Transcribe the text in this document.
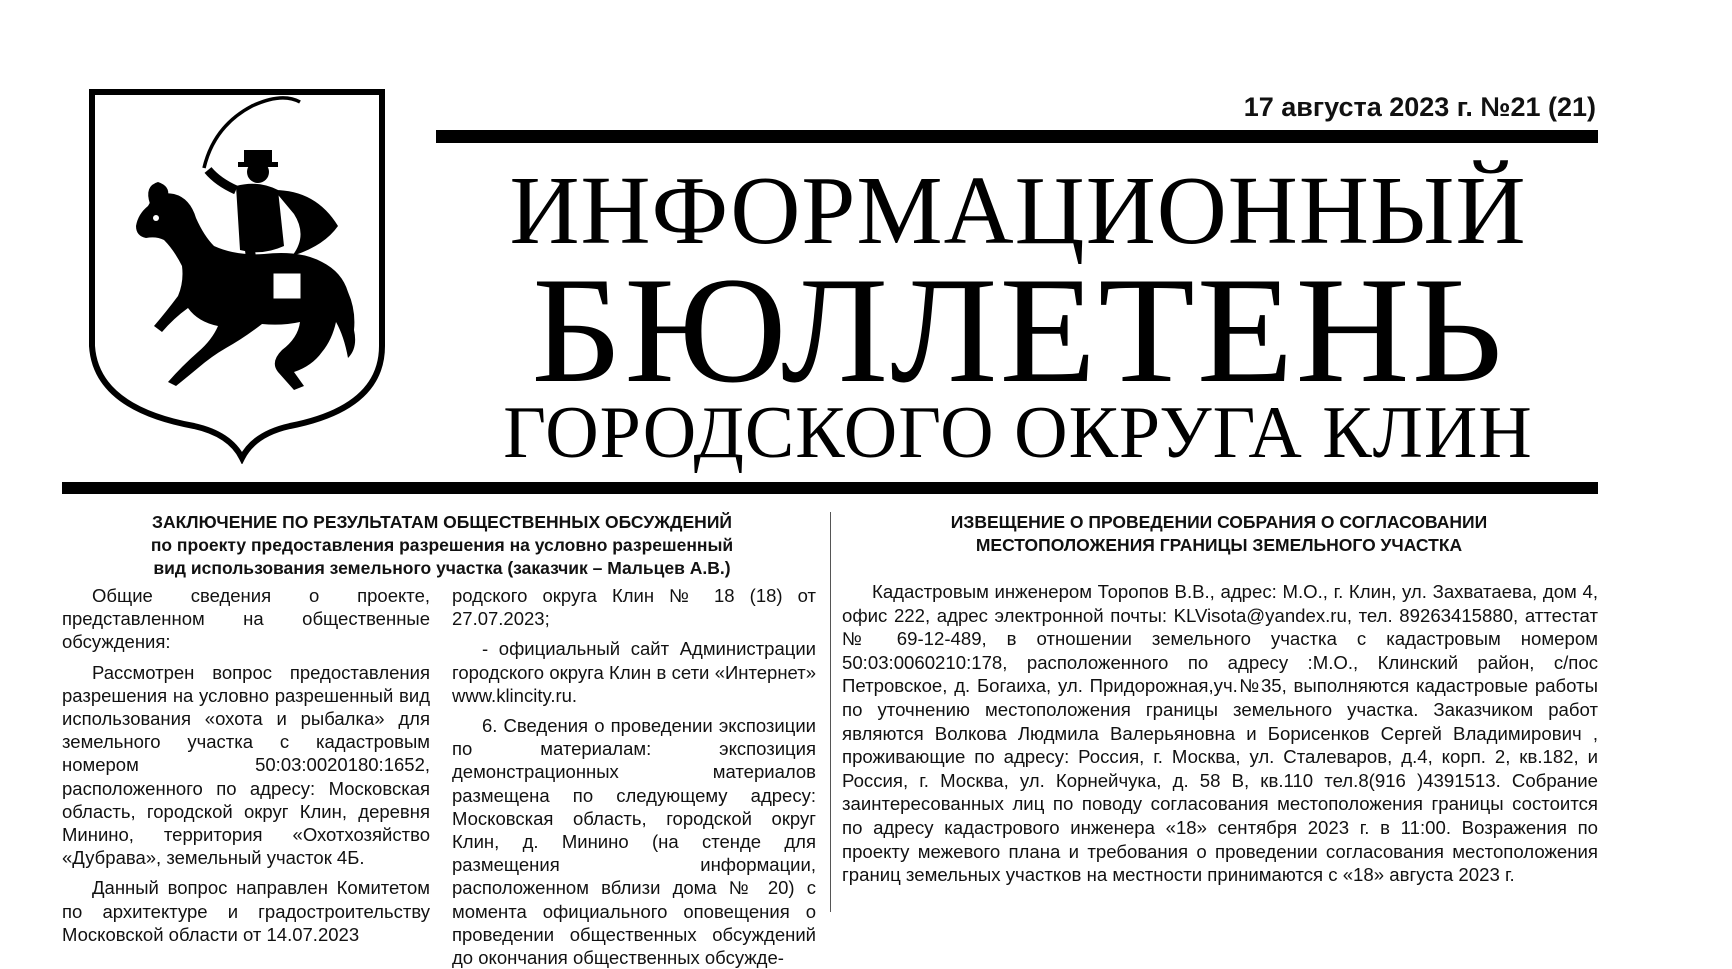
17 августа 2023 г. №21 (21)
ИНФОРМАЦИОННЫЙ
БЮЛЛЕТЕНЬ
ГОРОДСКОГО ОКРУГА КЛИН
ЗАКЛЮЧЕНИЕ ПО РЕЗУЛЬТАТАМ ОБЩЕСТВЕННЫХ ОБСУЖДЕНИЙ
по проекту предоставления разрешения на условно разрешенный
вид использования земельного участка (заказчик – Мальцев А.В.)

Общие сведения о проекте, представленном на общественные обсуждения:

Рассмотрен вопрос предоставления разрешения на условно разрешенный вид использования «охота и рыбалка» для земельного участка с кадастровым номером 50:03:0020180:1652, расположенного по адресу: Московская область, городской округ Клин, деревня Минино, территория «Охотхозяйство «Дубрава», земельный участок 4Б.

Данный вопрос направлен Комитетом по архитектуре и градостроительству Московской области от 14.07.2023

родского округа Клин № 18 (18) от 27.07.2023;

- официальный сайт Администрации городского округа Клин в сети «Интернет» www.klincity.ru.

6. Сведения о проведении экспозиции по материалам: экспозиция демонстрационных материалов размещена по следующему адресу: Московская область, городской округ Клин, д. Минино (на стенде для размещения информации, расположенном вблизи дома № 20) с момента официального оповещения о проведении общественных обсуждений до окончания общественных обсужде-

ИЗВЕЩЕНИЕ О ПРОВЕДЕНИИ СОБРАНИЯ О СОГЛАСОВАНИИ
МЕСТОПОЛОЖЕНИЯ ГРАНИЦЫ ЗЕМЕЛЬНОГО УЧАСТКА

Кадастровым инженером Торопов В.В., адрес: М.О., г. Клин, ул. Захватаева, дом 4, офис 222, адрес электронной почты: KLVisota@yandex.ru, тел. 89263415880, аттестат № 69-12-489, в отношении земельного участка с кадастровым номером 50:03:0060210:178, расположенного по адресу :М.О., Клинский район, с/пос Петровское, д. Богаиха, ул. Придорожная,уч.№35, выполняются кадастровые работы по уточнению местоположения границы земельного участка. Заказчиком работ являются Волкова Людмила Валерьяновна и Борисенков Сергей Владимирович , проживающие по адресу: Россия, г. Москва, ул. Сталеваров, д.4, корп. 2, кв.182, и Россия, г. Москва, ул. Корнейчука, д. 58 В, кв.110 тел.8(916 )4391513. Собрание заинтересованных лиц по поводу согласования местоположения границы состоится по адресу кадастрового инженера «18» сентября 2023 г. в 11:00. Возражения по проекту межевого плана и требования о проведении согласования местоположения границ земельных участков на местности принимаются с «18» августа 2023 г.
